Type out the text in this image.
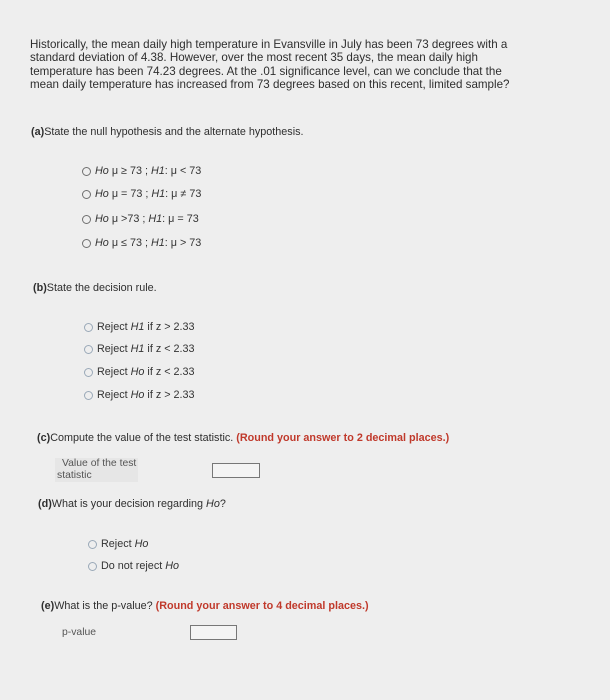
Historically, the mean daily high temperature in Evansville in July has been 73 degrees with a standard deviation of 4.38. However, over the most recent 35 days, the mean daily high temperature has been 74.23 degrees. At the .01 significance level, can we conclude that the mean daily temperature has increased from 73 degrees based on this recent, limited sample?
(a)State the null hypothesis and the alternate hypothesis.
Ho
μ ≥ 73 ;
H1 : μ < 73
Ho
μ = 73 ;
H1 : μ ≠ 73
Ho
μ >73 ;
H1 : μ = 73
Ho
μ ≤ 73 ;
H1 : μ > 73
(b)State the decision rule.
Reject
H1
if z > 2.33
Reject
H1
if z < 2.33
Reject
Ho
if z < 2.33
Reject
Ho
if z > 2.33
(c)Compute the value of the test statistic. (Round your answer to 2 decimal places.)
Value of the test
statistic
(d)What is your decision regarding Ho?
Reject
Ho
Do not reject
Ho
(e)What is the p-value? (Round your answer to 4 decimal places.)
p-value
